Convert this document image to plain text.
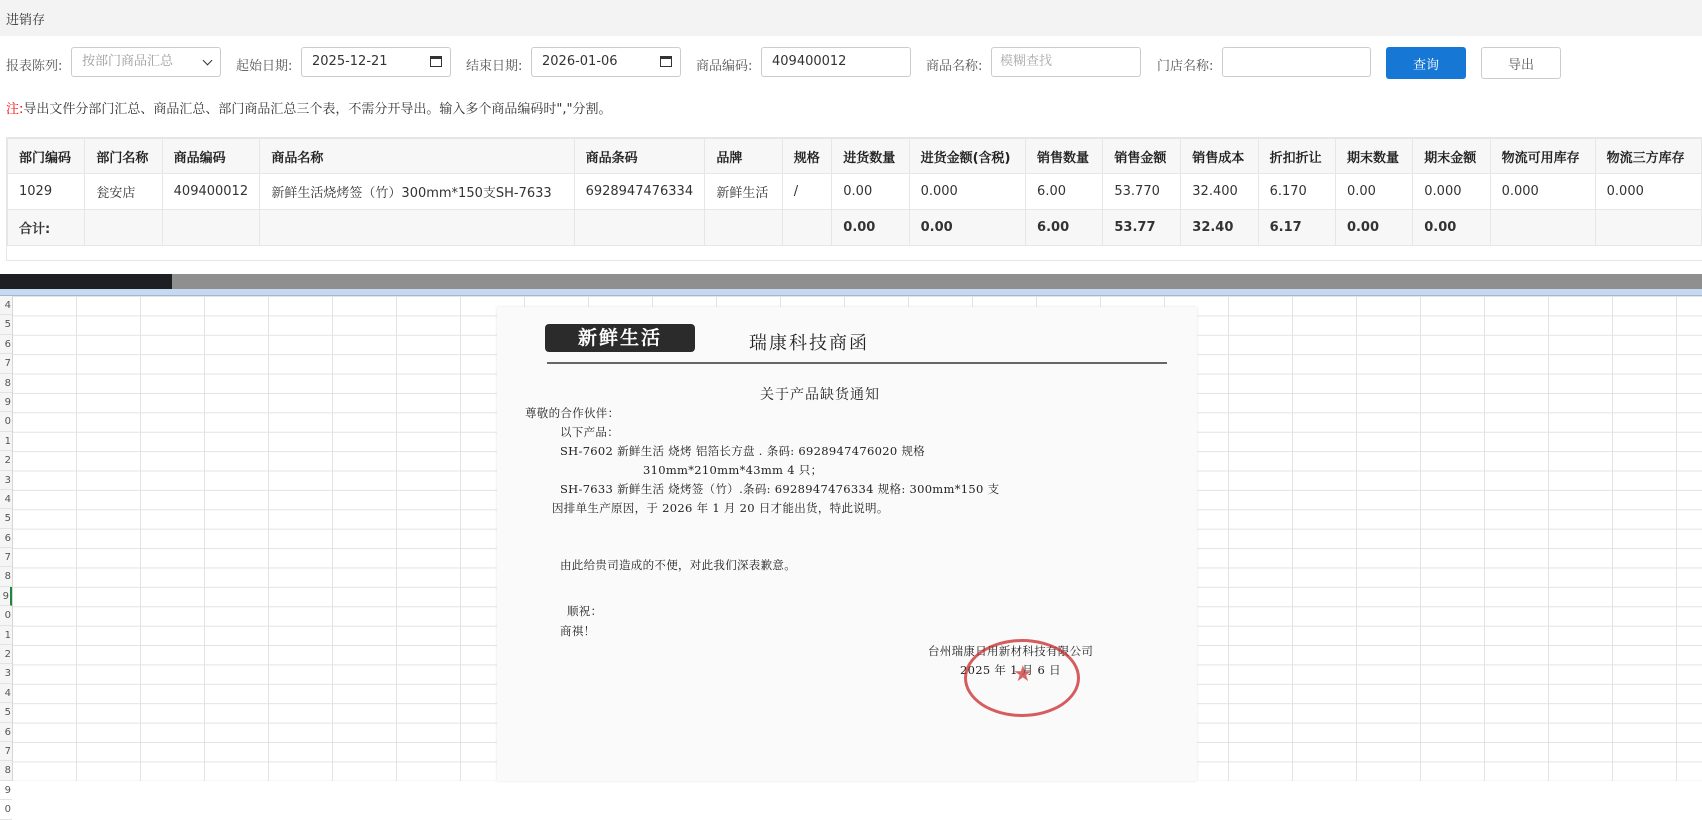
进销存
报表陈列:	按部门商品汇总	起始日期:	2025-12-21	结束日期:	2026-01-06	商品编码:	409400012	商品名称:
模糊查找	门店名称:	查询	导出
注:导出文件分部门汇总、商品汇总、部门商品汇总三个表，不需分开导出。输入多个商品编码时","分割。
部门编码	部门名称	商品编码	商品名称	商品条码	品牌	规格	进货数量	进货金额(含税)	销售数量	销售金额	销售成本	折扣折让	期末数量	期末金额	物流可用库存	物流三方库存
1029	瓮安店	409400012	新鲜生活烧烤签（竹）300mm*150支SH-7633	6928947476334	新鲜生活	/	0.00	0.000	6.00	53.770	32.400	6.170	0.00	0.000	0.000	0.000
合计:							0.00	0.00	6.00	53.77	32.40	6.17	0.00	0.00		
4
5
6
7
8
9
0
1
2
3
4
5
6
7
8
9
0
1
2
3
4
5
6
7
8
9
0
新鲜生活	瑞康科技商函
关于产品缺货通知
尊敬的合作伙伴：
以下产品：
SH-7602 新鲜生活 烧烤 铝箔长方盘 . 条码: 6928947476020 规格
310mm*210mm*43mm 4 只；
SH-7633 新鲜生活 烧烤签（竹）.条码: 6928947476334 规格: 300mm*150 支
因排单生产原因，于 2026 年 1 月 20 日才能出货，特此说明。
由此给贵司造成的不便，对此我们深表歉意。
顺祝：
商祺！
台州瑞康日用新材科技有限公司
2025 年 1 月 6 日
